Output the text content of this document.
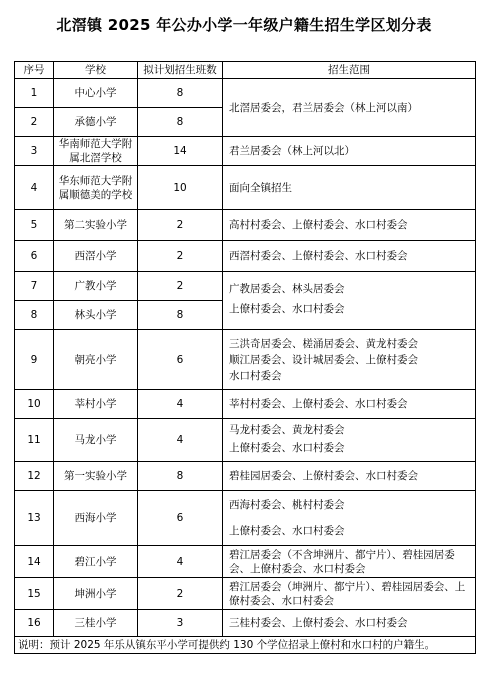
北滘镇 2025 年公办小学一年级户籍生招生学区划分表
序号	学校	拟计划招生班数	招生范围
1	中心小学	8	北滘居委会，君兰居委会（林上河以南）
2	承德小学	8	
3	华南师范大学附属北滘学校	14	君兰居委会（林上河以北）
4	华东师范大学附属顺德美的学校	10	面向全镇招生
5	第二实验小学	2	高村村委会、上僚村委会、水口村委会
6	西滘小学	2	西滘村委会、上僚村委会、水口村委会
7	广教小学	2	广教居委会、林头居委会
上僚村委会、水口村委会

8	林头小学	8	
9	朝亮小学	6	三洪奇居委会、槎涌居委会、黄龙村委会
顺江居委会、设计城居委会、上僚村委会
水口村委会

10	莘村小学	4	莘村村委会、上僚村委会、水口村委会
11	马龙小学	4	马龙村委会、黄龙村委会
上僚村委会、水口村委会

12	第一实验小学	8	碧桂园居委会、上僚村委会、水口村委会
13	西海小学	6	西海村委会、桃村村委会
上僚村委会、水口村委会

14	碧江小学	4	碧江居委会（不含坤洲片、都宁片）、碧桂园居委会、上僚村委会、水口村委会
15	坤洲小学	2	碧江居委会（坤洲片、都宁片）、碧桂园居委会、上僚村委会、水口村委会
16	三桂小学	3	三桂村委会、上僚村委会、水口村委会
说明：预计 2025 年乐从镇东平小学可提供约 130 个学位招录上僚村和水口村的户籍生。			
